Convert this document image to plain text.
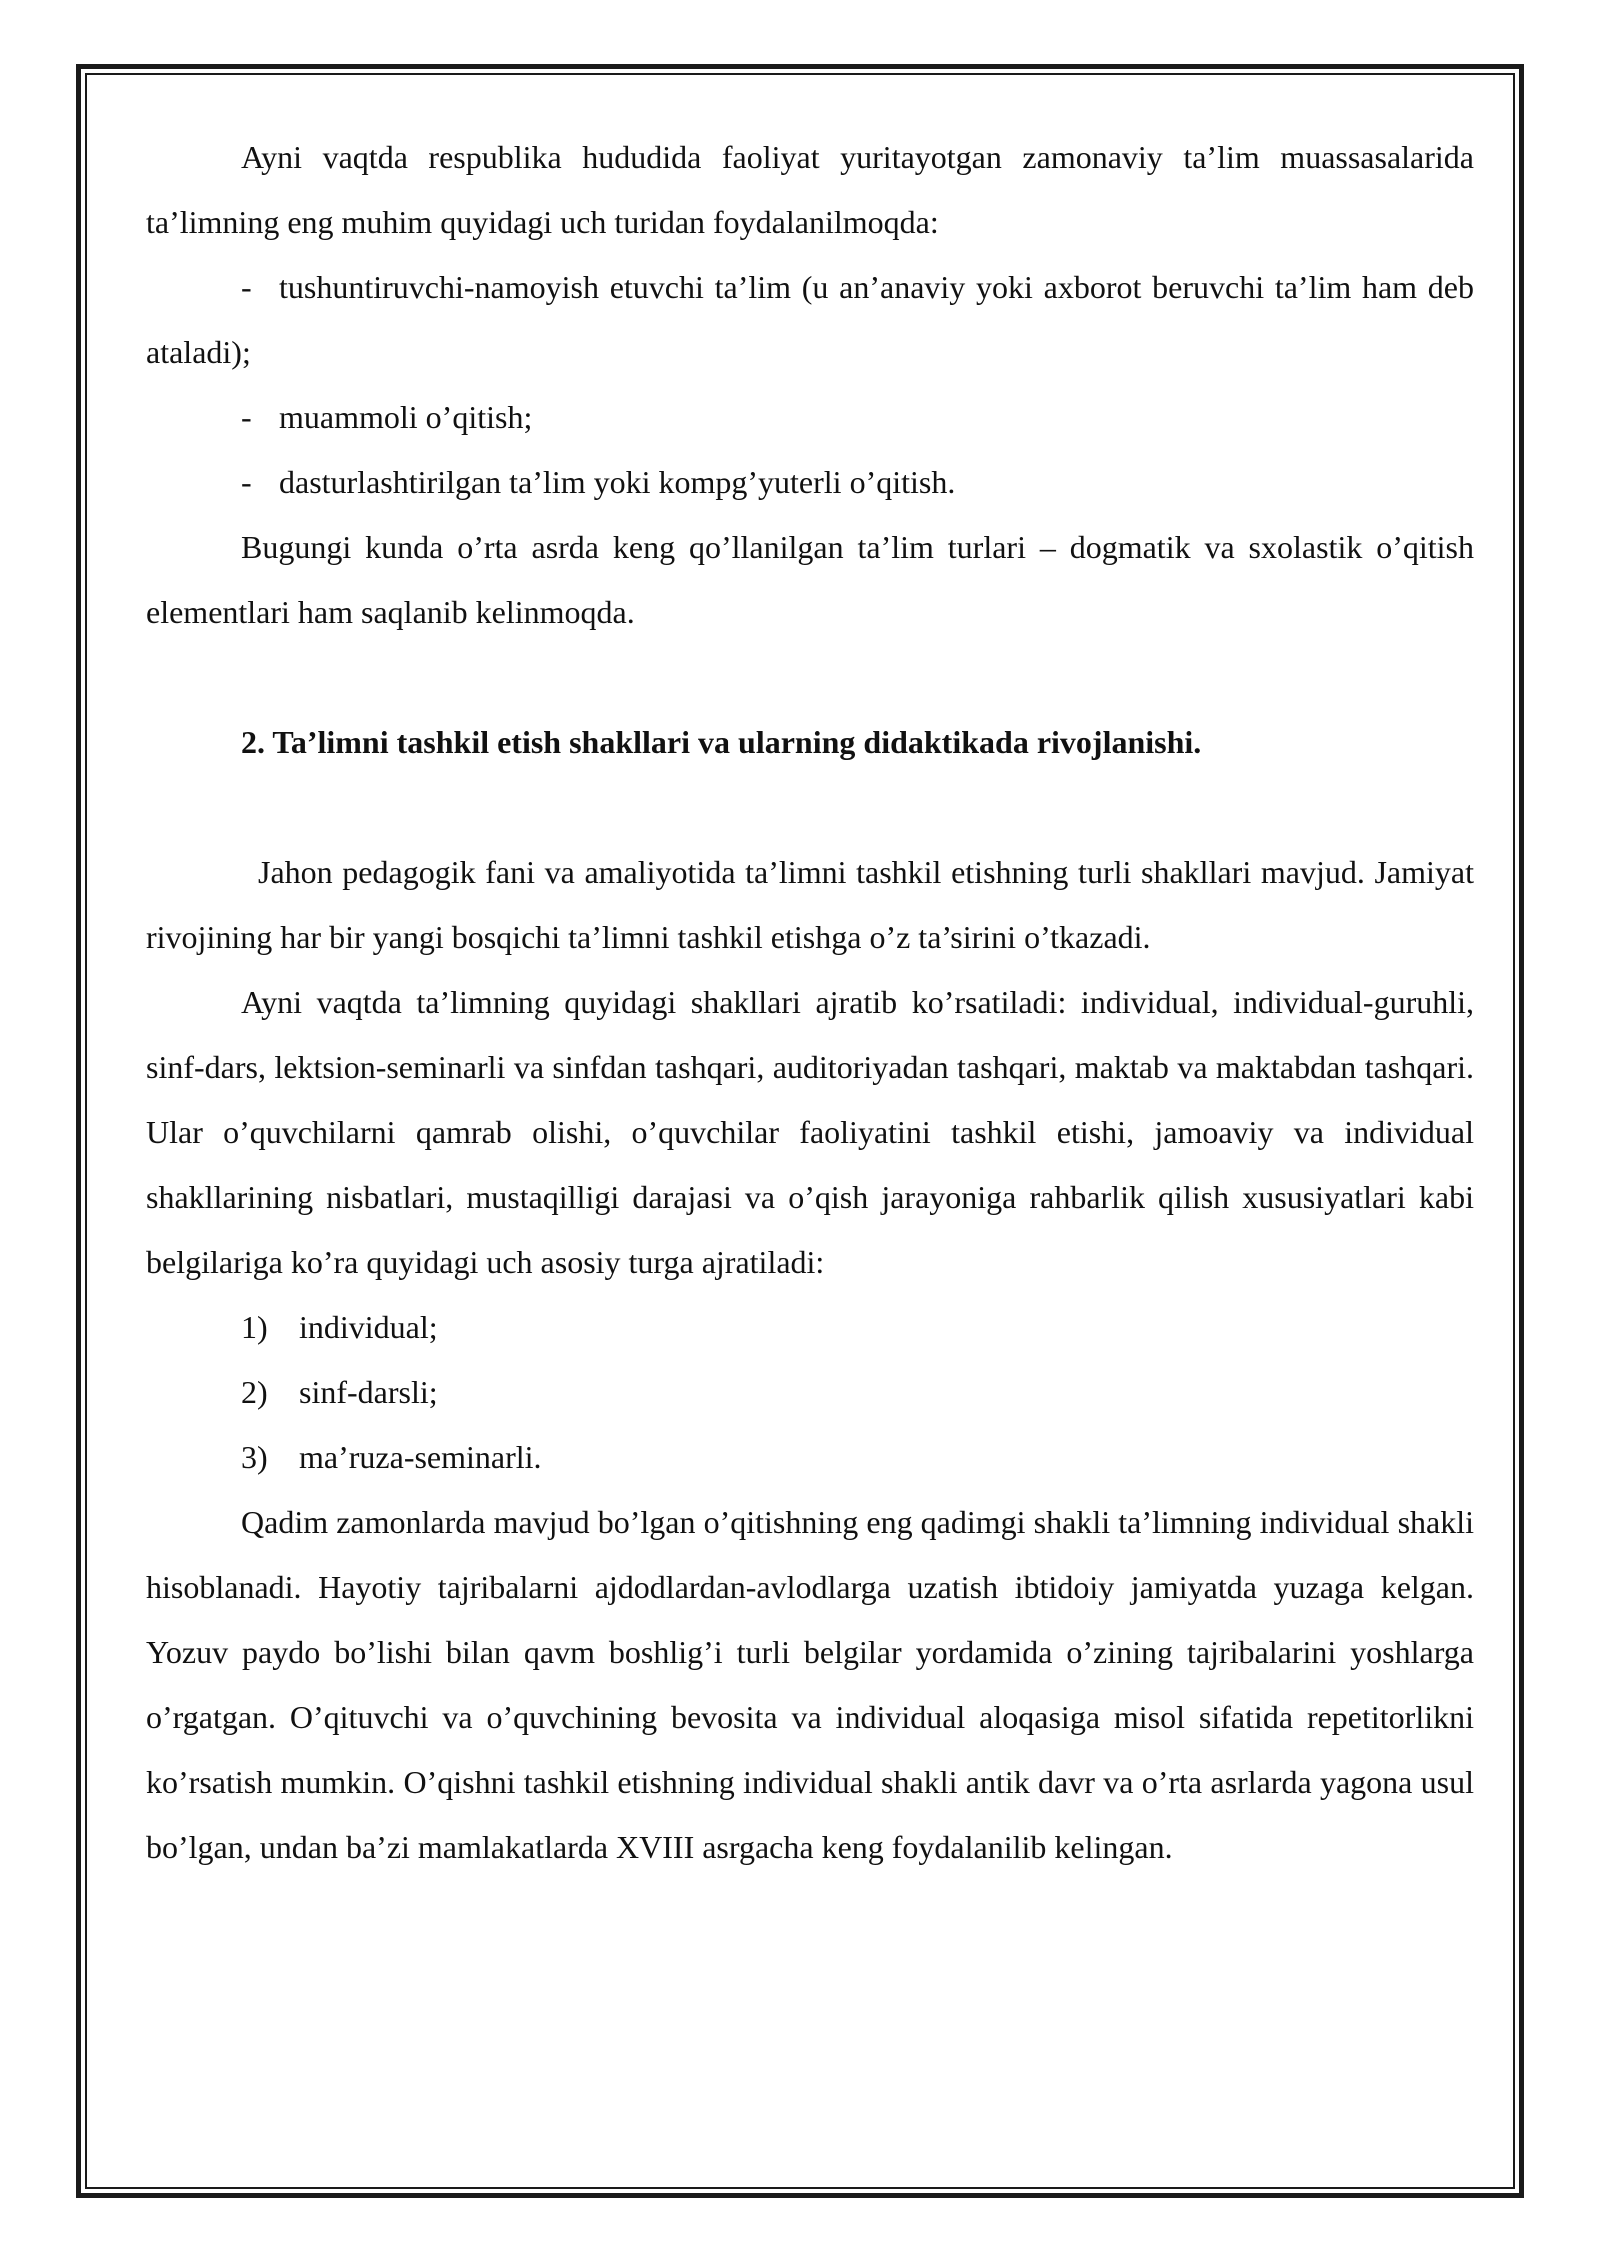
Ayni vaqtda respublika hududida faoliyat yuritayotgan zamonaviy ta’lim muassasalarida ta’limning eng muhim quyidagi uch turidan foydalanilmoqda:

- tushuntiruvchi-namoyish etuvchi ta’lim (u an’anaviy yoki axborot beruvchi ta’lim ham deb ataladi);
- muammoli o’qitish;
- dasturlashtirilgan ta’lim yoki kompg’yuterli o’qitish.

Bugungi kunda o’rta asrda keng qo’llanilgan ta’lim turlari – dogmatik va sxolastik o’qitish elementlari ham saqlanib kelinmoqda.

2. Ta’limni tashkil etish shakllari va ularning didaktikada rivojlanishi.

Jahon pedagogik fani va amaliyotida ta’limni tashkil etishning turli shakllari mavjud. Jamiyat rivojining har bir yangi bosqichi ta’limni tashkil etishga o’z ta’sirini o’tkazadi.

Ayni vaqtda ta’limning quyidagi shakllari ajratib ko’rsatiladi: individual, individual-guruhli, sinf-dars, lektsion-seminarli va sinfdan tashqari, auditoriyadan tashqari, maktab va maktabdan tashqari. Ular o’quvchilarni qamrab olishi, o’quvchilar faoliyatini tashkil etishi, jamoaviy va individual shakllarining nisbatlari, mustaqilligi darajasi va o’qish jarayoniga rahbarlik qilish xususiyatlari kabi belgilariga ko’ra quyidagi uch asosiy turga ajratiladi:

1) individual;
2) sinf-darsli;
3) ma’ruza-seminarli.

Qadim zamonlarda mavjud bo’lgan o’qitishning eng qadimgi shakli ta’limning individual shakli hisoblanadi. Hayotiy tajribalarni ajdodlardan-avlodlarga uzatish ibtidoiy jamiyatda yuzaga kelgan. Yozuv paydo bo’lishi bilan qavm boshlig’i turli belgilar yordamida o’zining tajribalarini yoshlarga o’rgatgan. O’qituvchi va o’quvchining bevosita va individual aloqasiga misol sifatida repetitorlikni ko’rsatish mumkin. O’qishni tashkil etishning individual shakli antik davr va o’rta asrlarda yagona usul bo’lgan, undan ba’zi mamlakatlarda XVIII asrgacha keng foydalanilib kelingan.
